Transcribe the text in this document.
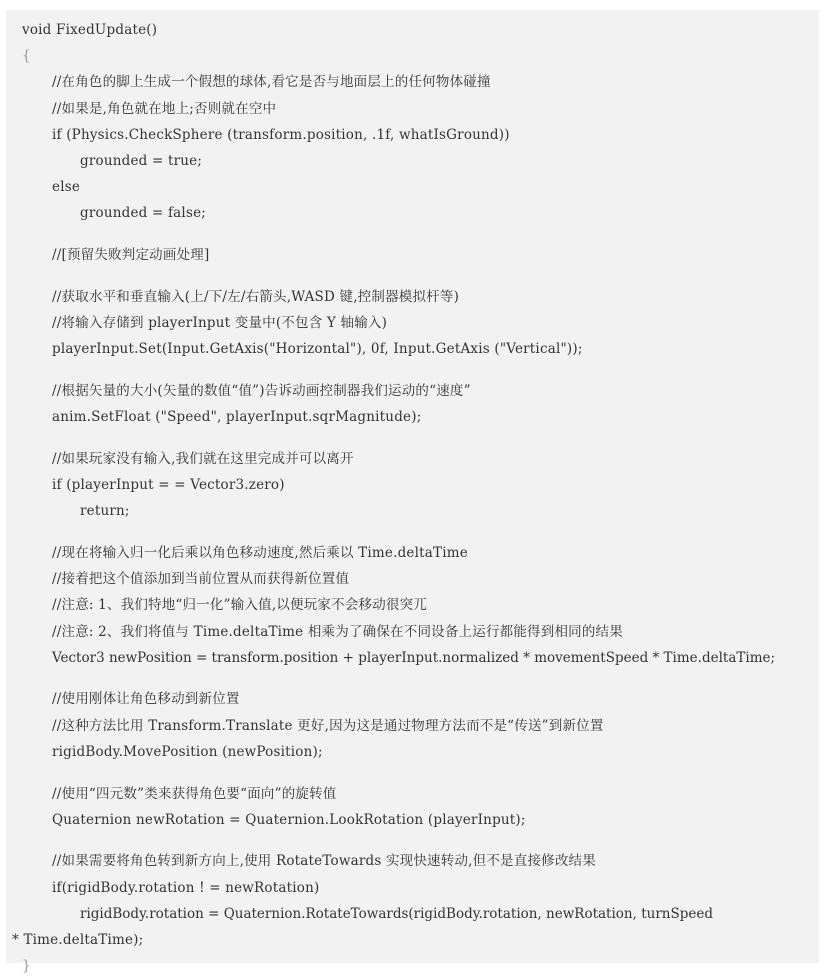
void FixedUpdate()
{
//在角色的脚上生成一个假想的球体,看它是否与地面层上的任何物体碰撞
//如果是,角色就在地上;否则就在空中
if (Physics.CheckSphere (transform.position, .1f, whatIsGround))
grounded = true;
else
grounded = false;
//[预留失败判定动画处理]
//获取水平和垂直输入(上/下/左/右箭头,WASD 键,控制器模拟杆等)
//将输入存储到 playerInput 变量中(不包含 Y 轴输入)
playerInput.Set(Input.GetAxis("Horizontal"), 0f, Input.GetAxis ("Vertical"));
//根据矢量的大小(矢量的数值“值”)告诉动画控制器我们运动的“速度”
anim.SetFloat ("Speed", playerInput.sqrMagnitude);
//如果玩家没有输入,我们就在这里完成并可以离开
if (playerInput = = Vector3.zero)
return;
//现在将输入归一化后乘以角色移动速度,然后乘以 Time.deltaTime
//接着把这个值添加到当前位置从而获得新位置值
//注意: 1、我们特地“归一化”输入值,以便玩家不会移动很突兀
//注意: 2、我们将值与 Time.deltaTime 相乘为了确保在不同设备上运行都能得到相同的结果
Vector3 newPosition = transform.position + playerInput.normalized * movementSpeed * Time.deltaTime;
//使用刚体让角色移动到新位置
//这种方法比用 Transform.Translate 更好,因为这是通过物理方法而不是“传送”到新位置
rigidBody.MovePosition (newPosition);
//使用“四元数”类来获得角色要“面向”的旋转值
Quaternion newRotation = Quaternion.LookRotation (playerInput);
//如果需要将角色转到新方向上,使用 RotateTowards 实现快速转动,但不是直接修改结果
if(rigidBody.rotation ! = newRotation)
rigidBody.rotation = Quaternion.RotateTowards(rigidBody.rotation, newRotation, turnSpeed
* Time.deltaTime);
}
